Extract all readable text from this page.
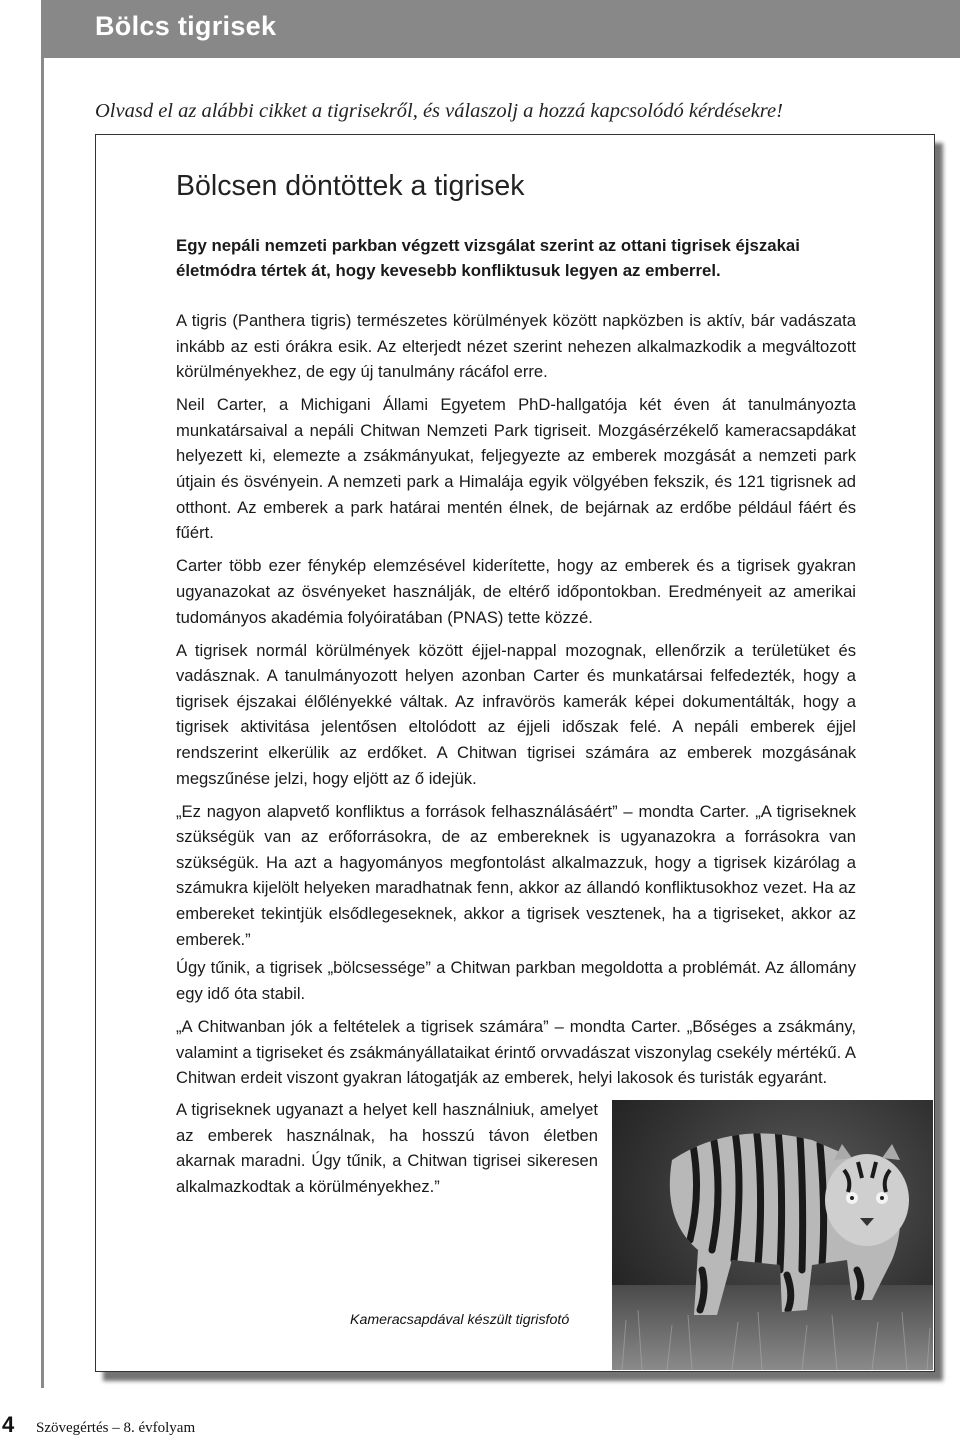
Bölcs tigrisek
Olvasd el az alábbi cikket a tigrisekről, és válaszolj a hozzá kapcsolódó kérdésekre!
Bölcsen döntöttek a tigrisek
Egy nepáli nemzeti parkban végzett vizsgálat szerint az ottani tigrisek éjszakai életmódra tértek át, hogy kevesebb konfliktusuk legyen az emberrel.

A tigris (Panthera tigris) természetes körülmények között napközben is aktív, bár vadászata inkább az esti órákra esik. Az elterjedt nézet szerint nehezen alkalmazkodik a megváltozott körülményekhez, de egy új tanulmány rácáfol erre.

Neil Carter, a Michigani Állami Egyetem PhD-hallgatója két éven át tanulmányozta munkatársaival a nepáli Chitwan Nemzeti Park tigriseit. Mozgásérzékelő kameracsapdákat helyezett ki, elemezte a zsákmányukat, feljegyezte az emberek mozgását a nemzeti park útjain és ösvényein. A nemzeti park a Himalája egyik völgyében fekszik, és 121 tigrisnek ad otthont. Az emberek a park határai mentén élnek, de bejárnak az erdőbe például fáért és fűért.

Carter több ezer fénykép elemzésével kiderítette, hogy az emberek és a tigrisek gyakran ugyanazokat az ösvényeket használják, de eltérő időpontokban. Eredményeit az amerikai tudományos akadémia folyóiratában (PNAS) tette közzé.

A tigrisek normál körülmények között éjjel-nappal mozognak, ellenőrzik a területüket és vadásznak. A tanulmányozott helyen azonban Carter és munkatársai felfedezték, hogy a tigrisek éjszakai élőlényekké váltak. Az infravörös kamerák képei dokumentálták, hogy a tigrisek aktivitása jelentősen eltolódott az éjjeli időszak felé. A nepáli emberek éjjel rendszerint elkerülik az erdőket. A Chitwan tigrisei számára az emberek mozgásának megszűnése jelzi, hogy eljött az ő idejük.

„Ez nagyon alapvető konfliktus a források felhasználásáért” – mondta Carter. „A tigriseknek szükségük van az erőforrásokra, de az embereknek is ugyanazokra a forrásokra van szükségük. Ha azt a hagyományos megfontolást alkalmazzuk, hogy a tigrisek kizárólag a számukra kijelölt helyeken maradhatnak fenn, akkor az állandó konfliktusokhoz vezet. Ha az embereket tekintjük elsődlegeseknek, akkor a tigrisek vesztenek, ha a tigriseket, akkor az emberek.”

Úgy tűnik, a tigrisek „bölcsessége” a Chitwan parkban megoldotta a problémát. Az állomány egy idő óta stabil.

„A Chitwanban jók a feltételek a tigrisek számára” – mondta Carter. „Bőséges a zsákmány, valamint a tigriseket és zsákmányállataikat érintő orvvadászat viszonylag csekély mértékű. A Chitwan erdeit viszont gyakran látogatják az emberek, helyi lakosok és turisták egyaránt.

A tigriseknek ugyanazt a helyet kell használniuk, amelyet az emberek használnak, ha hosszú távon életben akarnak maradni. Úgy tűnik, a Chitwan tigrisei sikeresen alkalmazkodtak a körülményekhez.”

Kameracsapdával készült tigrisfotó
4 Szövegértés – 8. évfolyam
